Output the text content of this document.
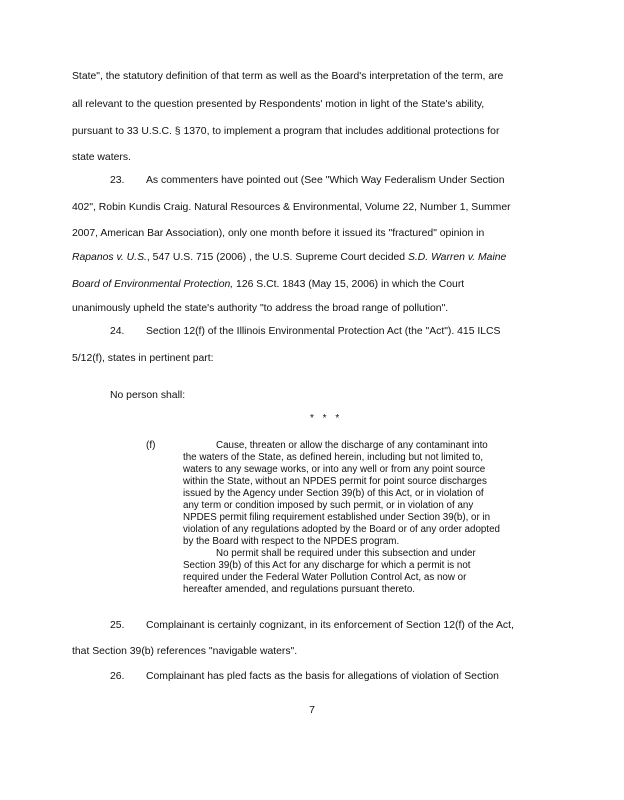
State", the statutory definition of that term as well as the Board's interpretation of the term, are
all relevant to the question presented by Respondents' motion in light of the State's ability,
pursuant to 33 U.S.C. § 1370, to implement a program that includes additional protections for
state waters.
23. As commenters have pointed out (See "Which Way Federalism Under Section
402", Robin Kundis Craig. Natural Resources & Environmental, Volume 22, Number 1, Summer
2007, American Bar Association), only one month before it issued its "fractured" opinion in
Rapanos v. U.S., 547 U.S. 715 (2006) , the U.S. Supreme Court decided S.D. Warren v. Maine
Board of Environmental Protection, 126 S.Ct. 1843 (May 15, 2006) in which the Court
unanimously upheld the state's authority "to address the broad range of pollution".
24. Section 12(f) of the Illinois Environmental Protection Act (the "Act"). 415 ILCS
5/12(f), states in pertinent part:
No person shall:
* * *
(f)	Cause, threaten or allow the discharge of any contaminant into
the waters of the State, as defined herein, including but not limited to,
waters to any sewage works, or into any well or from any point source
within the State, without an NPDES permit for point source discharges
issued by the Agency under Section 39(b) of this Act, or in violation of
any term or condition imposed by such permit, or in violation of any
NPDES permit filing requirement established under Section 39(b), or in
violation of any regulations adopted by the Board or of any order adopted
by the Board with respect to the NPDES program.
No permit shall be required under this subsection and under
Section 39(b) of this Act for any discharge for which a permit is not
required under the Federal Water Pollution Control Act, as now or
hereafter amended, and regulations pursuant thereto.
25. Complainant is certainly cognizant, in its enforcement of Section 12(f) of the Act,
that Section 39(b) references "navigable waters".
26. Complainant has pled facts as the basis for allegations of violation of Section
7
